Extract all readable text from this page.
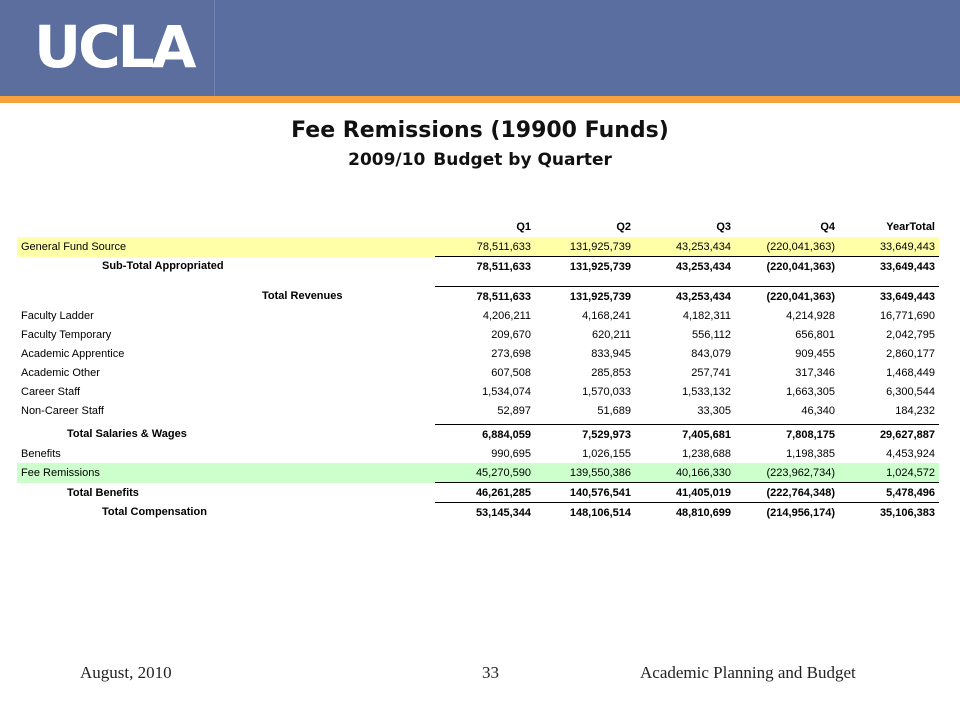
UCLA
Fee Remissions (19900 Funds)
2009/10 Budget by Quarter
	Q1	Q2	Q3	Q4	YearTotal
General Fund Source	78,511,633	131,925,739	43,253,434	(220,041,363)	33,649,443
Sub-Total Appropriated	78,511,633	131,925,739	43,253,434	(220,041,363)	33,649,443

Total Revenues	78,511,633	131,925,739	43,253,434	(220,041,363)	33,649,443
Faculty Ladder	4,206,211	4,168,241	4,182,311	4,214,928	16,771,690
Faculty Temporary	209,670	620,211	556,112	656,801	2,042,795
Academic Apprentice	273,698	833,945	843,079	909,455	2,860,177
Academic Other	607,508	285,853	257,741	317,346	1,468,449
Career Staff	1,534,074	1,570,033	1,533,132	1,663,305	6,300,544
Non-Career Staff	52,897	51,689	33,305	46,340	184,232

Total Salaries & Wages	6,884,059	7,529,973	7,405,681	7,808,175	29,627,887
Benefits	990,695	1,026,155	1,238,688	1,198,385	4,453,924
Fee Remissions	45,270,590	139,550,386	40,166,330	(223,962,734)	1,024,572
Total Benefits	46,261,285	140,576,541	41,405,019	(222,764,348)	5,478,496
Total Compensation	53,145,344	148,106,514	48,810,699	(214,956,174)	35,106,383
August, 2010	33	Academic Planning and Budget
